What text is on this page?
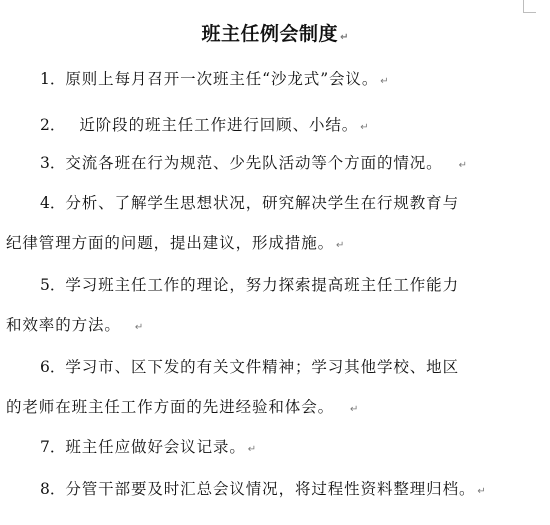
班主任例会制度 ↵
1．原则上每月召开一次班主任“沙龙式”会议。 ↵
2． 近阶段的班主任工作进行回顾、小结。 ↵
3．交流各班在行为规范、少先队活动等个方面的情况。 ↵
4．分析、了解学生思想状况，研究解决学生在行规教育与
纪律管理方面的问题，提出建议，形成措施。 ↵
5．学习班主任工作的理论，努力探索提高班主任工作能力
和效率的方法。 ↵
6．学习市、区下发的有关文件精神；学习其他学校、地区
的老师在班主任工作方面的先进经验和体会。 ↵
7．班主任应做好会议记录。 ↵
8．分管干部要及时汇总会议情况，将过程性资料整理归档。 ↵
